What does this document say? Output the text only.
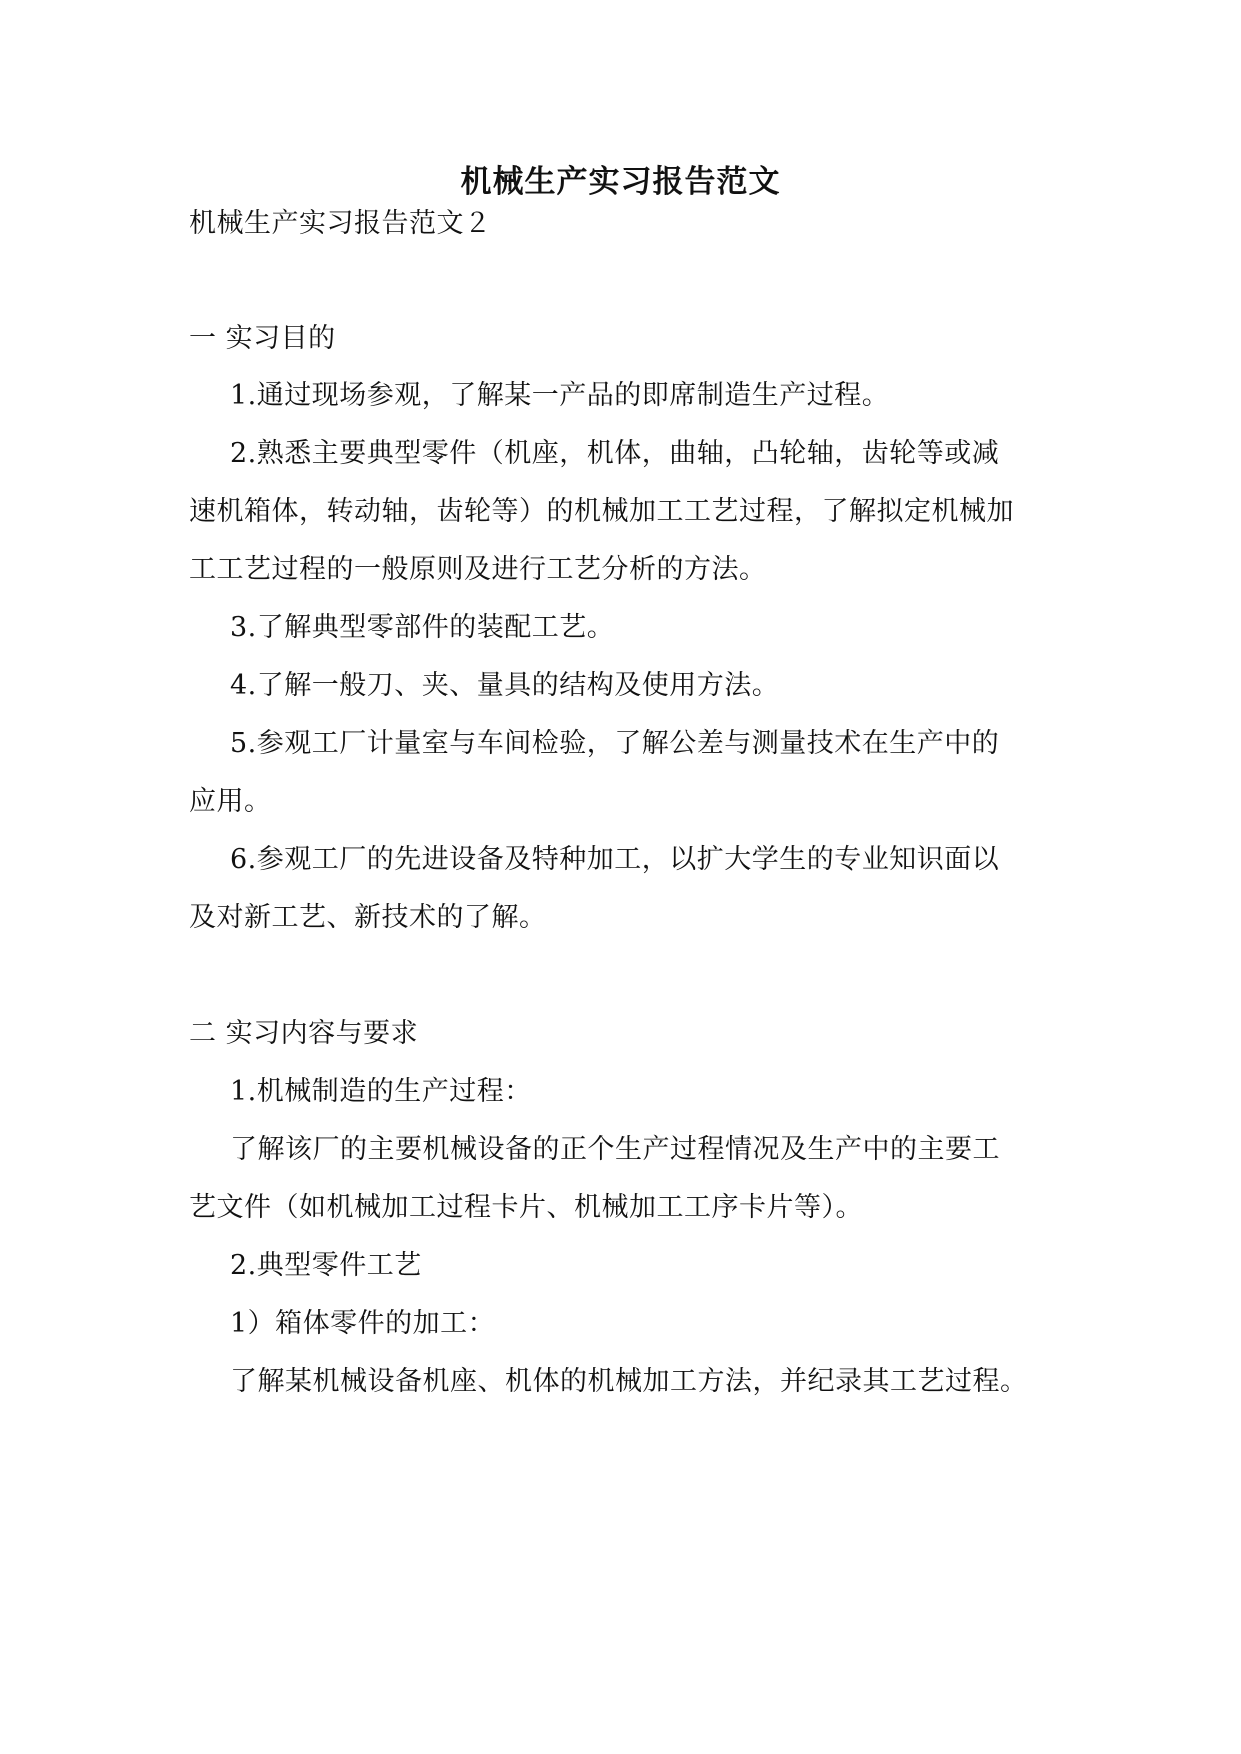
机械生产实习报告范文
机械生产实习报告范文２
一 实习目的
1.通过现场参观，了解某一产品的即席制造生产过程。
2.熟悉主要典型零件（机座，机体，曲轴，凸轮轴，齿轮等或减
速机箱体，转动轴，齿轮等）的机械加工工艺过程，了解拟定机械加
工工艺过程的一般原则及进行工艺分析的方法。
3.了解典型零部件的装配工艺。
4.了解一般刀、夹、量具的结构及使用方法。
5.参观工厂计量室与车间检验，了解公差与测量技术在生产中的
应用。
6.参观工厂的先进设备及特种加工，以扩大学生的专业知识面以
及对新工艺、新技术的了解。
二 实习内容与要求
1.机械制造的生产过程：
了解该厂的主要机械设备的正个生产过程情况及生产中的主要工
艺文件（如机械加工过程卡片、机械加工工序卡片等）。
2.典型零件工艺
1）箱体零件的加工：
了解某机械设备机座、机体的机械加工方法，并纪录其工艺过程。
